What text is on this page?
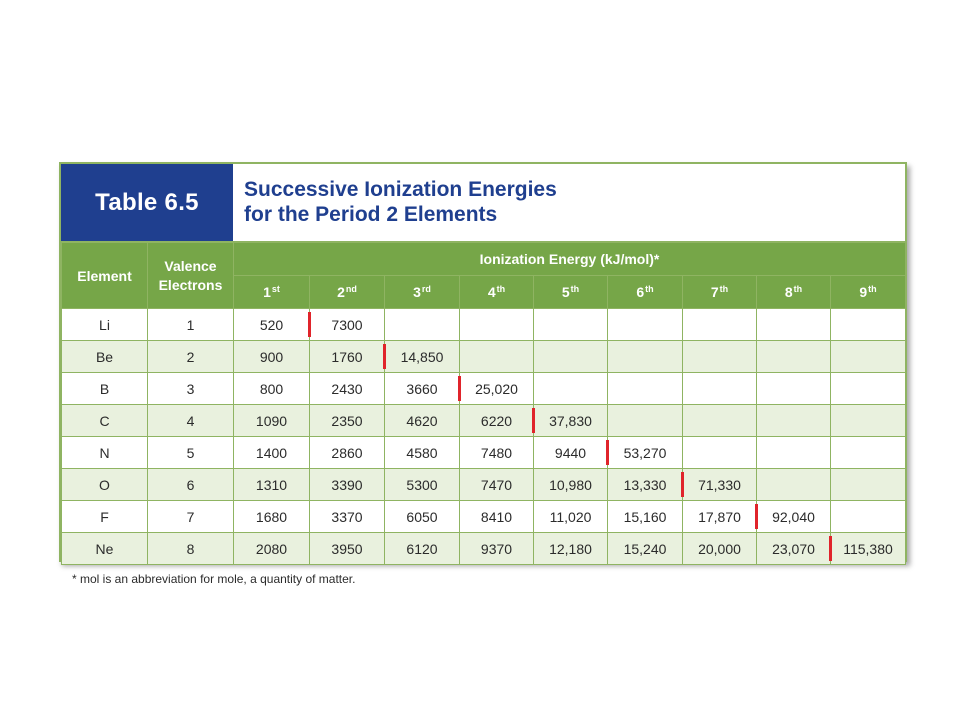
Table 6.5	Successive Ionization Energies
for the Period 2 Elements
Element	Valence
Electrons	Ionization Energy (kJ/mol)*								
		1st	2nd	3rd	4th	5th	6th	7th	8th	9th
Li	1	520	7300							
Be	2	900	1760	14,850						
B	3	800	2430	3660	25,020					
C	4	1090	2350	4620	6220	37,830				
N	5	1400	2860	4580	7480	9440	53,270			
O	6	1310	3390	5300	7470	10,980	13,330	71,330		
F	7	1680	3370	6050	8410	11,020	15,160	17,870	92,040	
Ne	8	2080	3950	6120	9370	12,180	15,240	20,000	23,070	115,380
* mol is an abbreviation for mole, a quantity of matter.
